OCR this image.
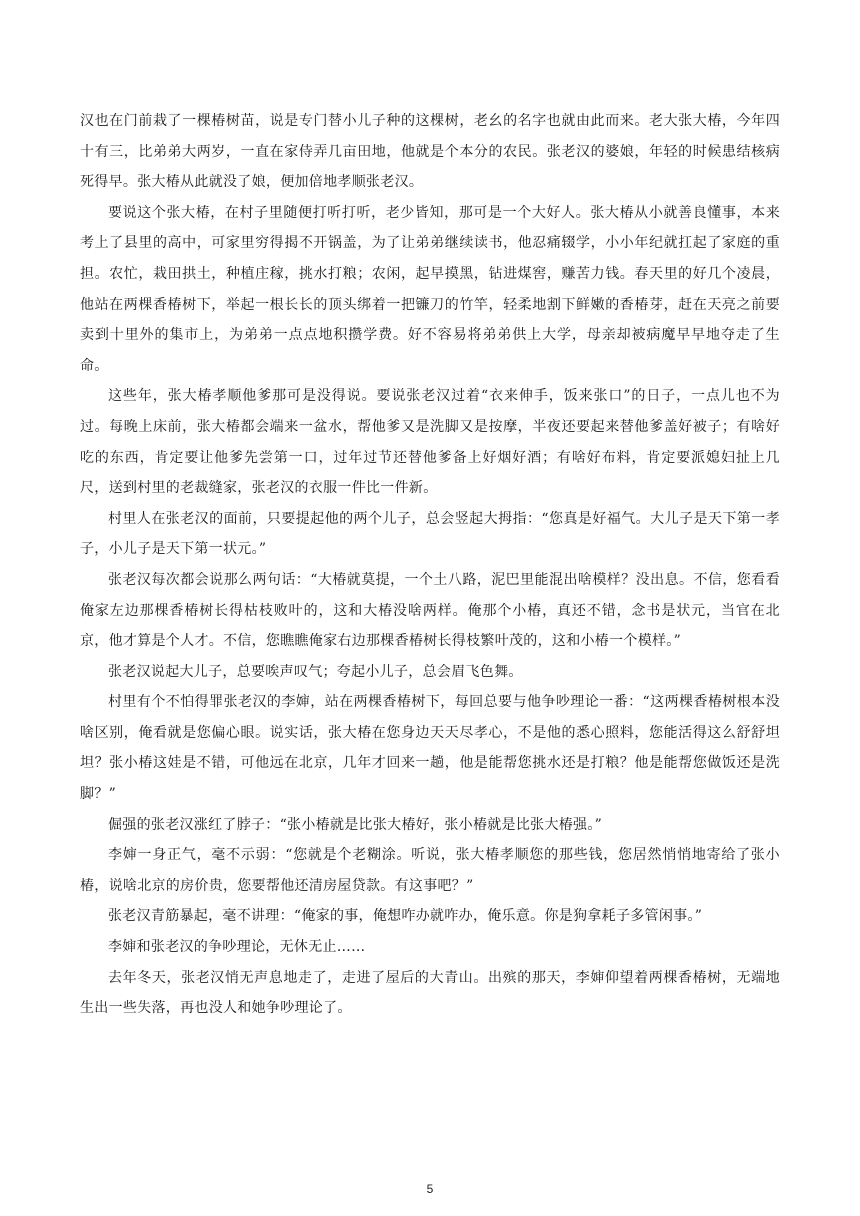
汉也在门前栽了一棵椿树苗，说是专门替小儿子种的这棵树，老幺的名字也就由此而来。老大张大椿，今年四十有三，比弟弟大两岁，一直在家侍弄几亩田地，他就是个本分的农民。张老汉的婆娘，年轻的时候患结核病死得早。张大椿从此就没了娘，便加倍地孝顺张老汉。

要说这个张大椿，在村子里随便打听打听，老少皆知，那可是一个大好人。张大椿从小就善良懂事，本来考上了县里的高中，可家里穷得揭不开锅盖，为了让弟弟继续读书，他忍痛辍学，小小年纪就扛起了家庭的重担。农忙，栽田拱土，种植庄稼，挑水打粮；农闲，起早摸黑，钻进煤窖，赚苦力钱。春天里的好几个凌晨，他站在两棵香椿树下，举起一根长长的顶头绑着一把镰刀的竹竿，轻柔地割下鲜嫩的香椿芽，赶在天亮之前要卖到十里外的集市上，为弟弟一点点地积攒学费。好不容易将弟弟供上大学，母亲却被病魔早早地夺走了生命。

这些年，张大椿孝顺他爹那可是没得说。要说张老汉过着“衣来伸手，饭来张口”的日子，一点儿也不为过。每晚上床前，张大椿都会端来一盆水，帮他爹又是洗脚又是按摩，半夜还要起来替他爹盖好被子；有啥好吃的东西，肯定要让他爹先尝第一口，过年过节还替他爹备上好烟好酒；有啥好布料，肯定要派媳妇扯上几尺，送到村里的老裁缝家，张老汉的衣服一件比一件新。

村里人在张老汉的面前，只要提起他的两个儿子，总会竖起大拇指：“您真是好福气。大儿子是天下第一孝子，小儿子是天下第一状元。”

张老汉每次都会说那么两句话：“大椿就莫提，一个土八路，泥巴里能混出啥模样？没出息。不信，您看看俺家左边那棵香椿树长得枯枝败叶的，这和大椿没啥两样。俺那个小椿，真还不错，念书是状元，当官在北京，他才算是个人才。不信，您瞧瞧俺家右边那棵香椿树长得枝繁叶茂的，这和小椿一个模样。”

张老汉说起大儿子，总要唉声叹气；夸起小儿子，总会眉飞色舞。

村里有个不怕得罪张老汉的李婶，站在两棵香椿树下，每回总要与他争吵理论一番：“这两棵香椿树根本没啥区别，俺看就是您偏心眼。说实话，张大椿在您身边天天尽孝心，不是他的悉心照料，您能活得这么舒舒坦坦？张小椿这娃是不错，可他远在北京，几年才回来一趟，他是能帮您挑水还是打粮？他是能帮您做饭还是洗脚？”

倔强的张老汉涨红了脖子：“张小椿就是比张大椿好，张小椿就是比张大椿强。”

李婶一身正气，毫不示弱：“您就是个老糊涂。听说，张大椿孝顺您的那些钱，您居然悄悄地寄给了张小椿，说啥北京的房价贵，您要帮他还清房屋贷款。有这事吧？”

张老汉青筋暴起，毫不讲理：“俺家的事，俺想咋办就咋办，俺乐意。你是狗拿耗子多管闲事。”

李婶和张老汉的争吵理论，无休无止……

去年冬天，张老汉悄无声息地走了，走进了屋后的大青山。出殡的那天，李婶仰望着两棵香椿树，无端地生出一些失落，再也没人和她争吵理论了。

5
